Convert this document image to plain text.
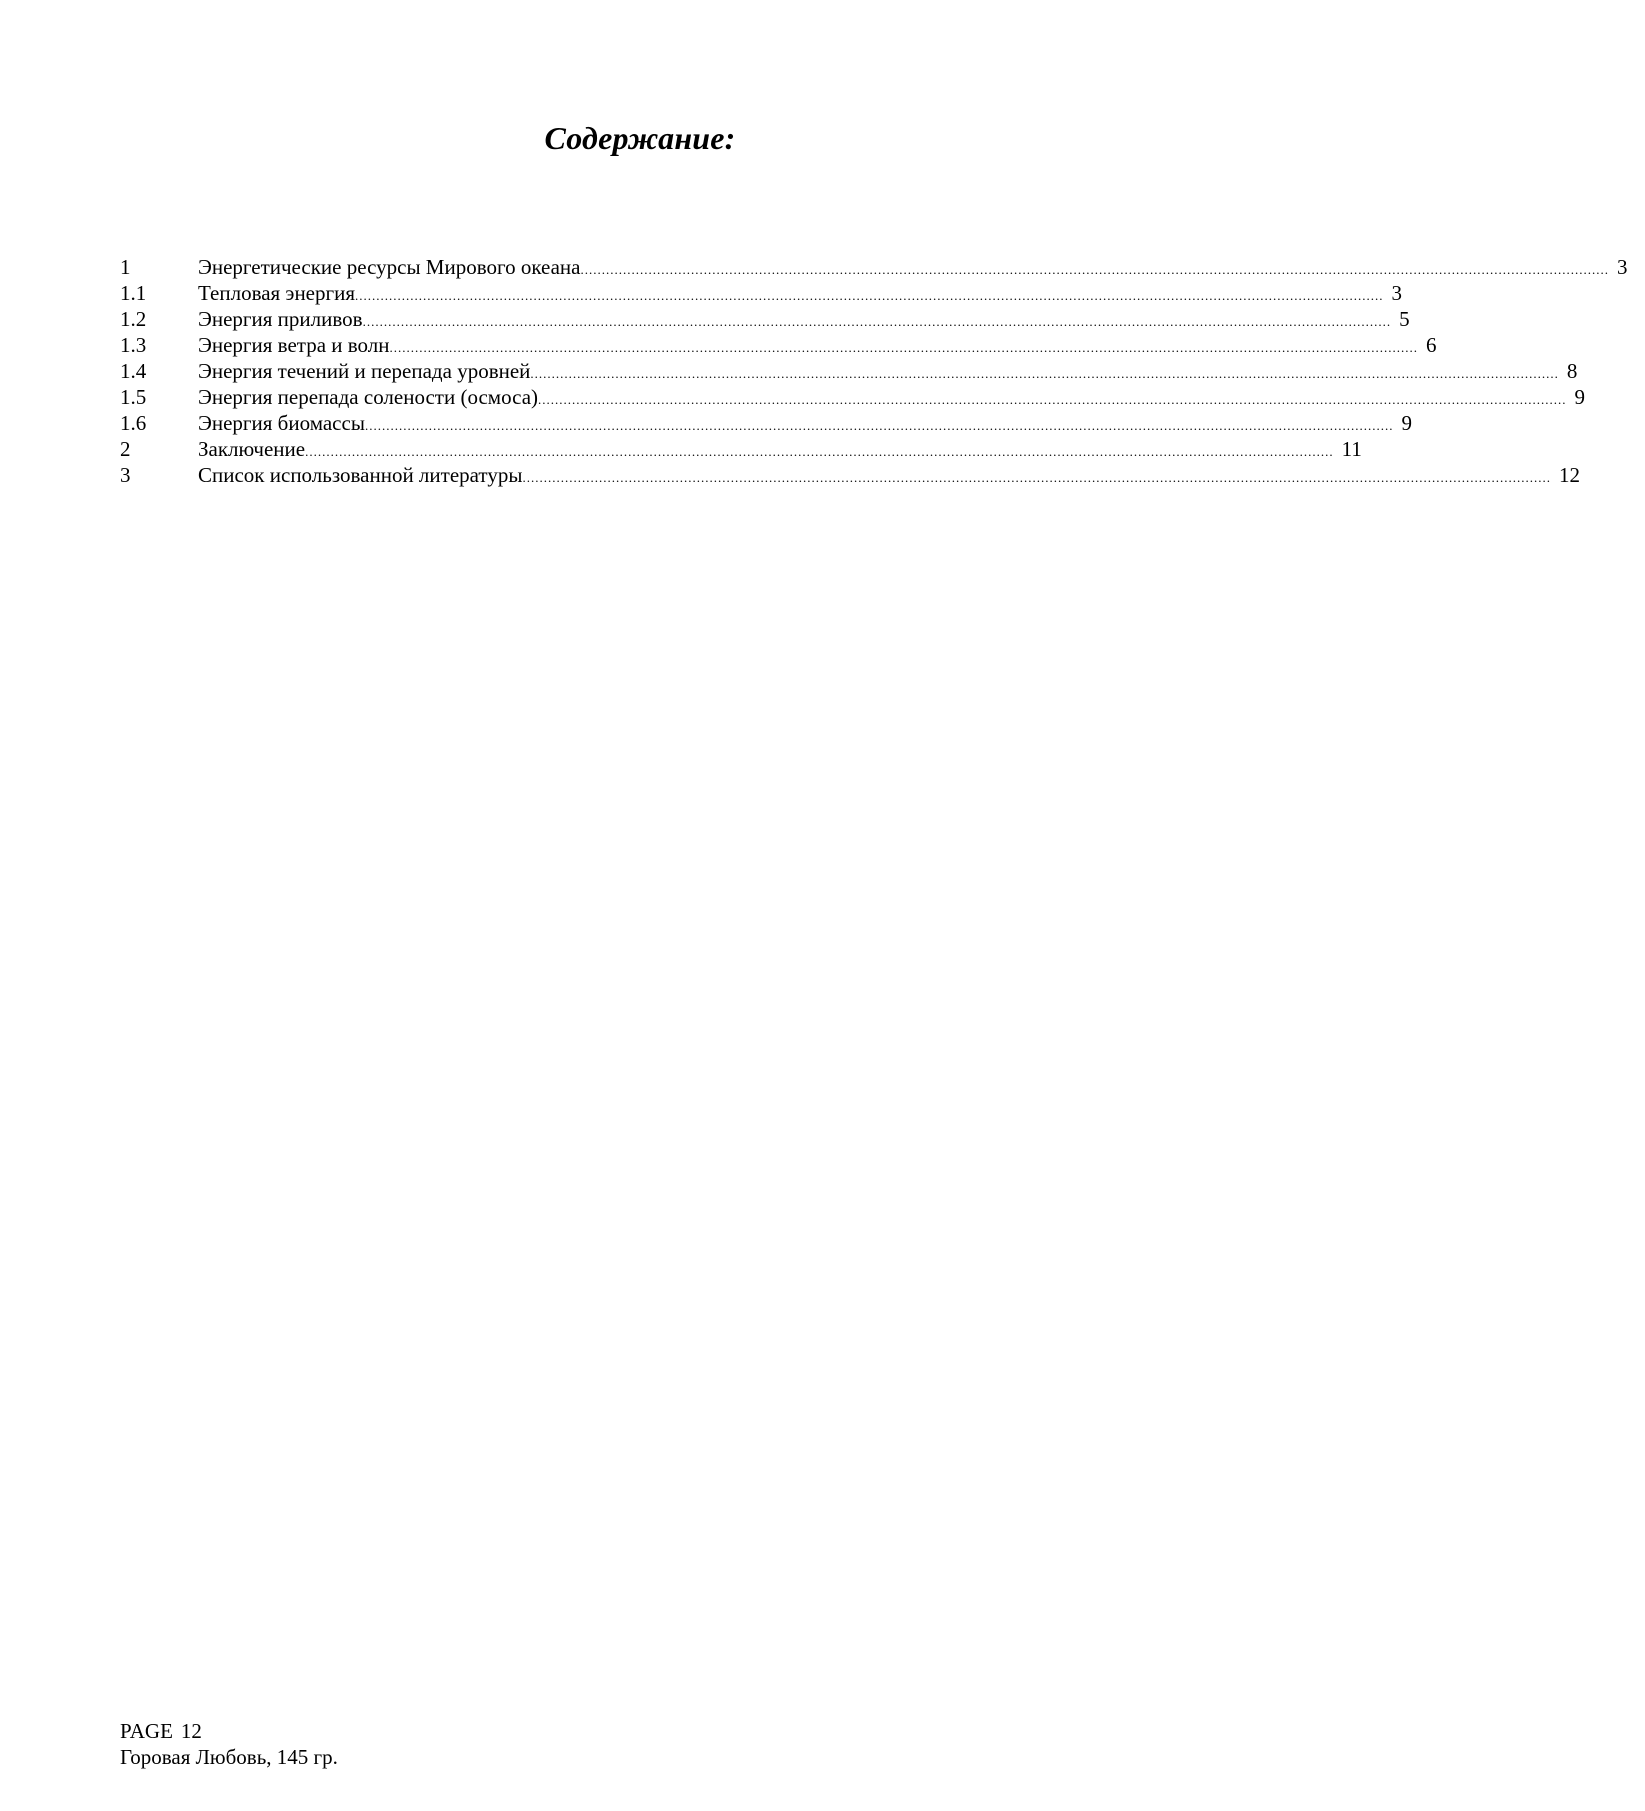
Содержание:
1	Энергетические ресурсы Мирового океана .....	3
1.1	Тепловая энергия .....	3
1.2	Энергия приливов .....	5
1.3	Энергия ветра и волн .....	6
1.4	Энергия течений и перепада уровней .....	8
1.5	Энергия перепада солености (осмоса) .....	9
1.6	Энергия биомассы .....	9
2	Заключение .....	11
3	Список использованной литературы .....	12
PAGE 12
Горовая Любовь, 145 гр.
